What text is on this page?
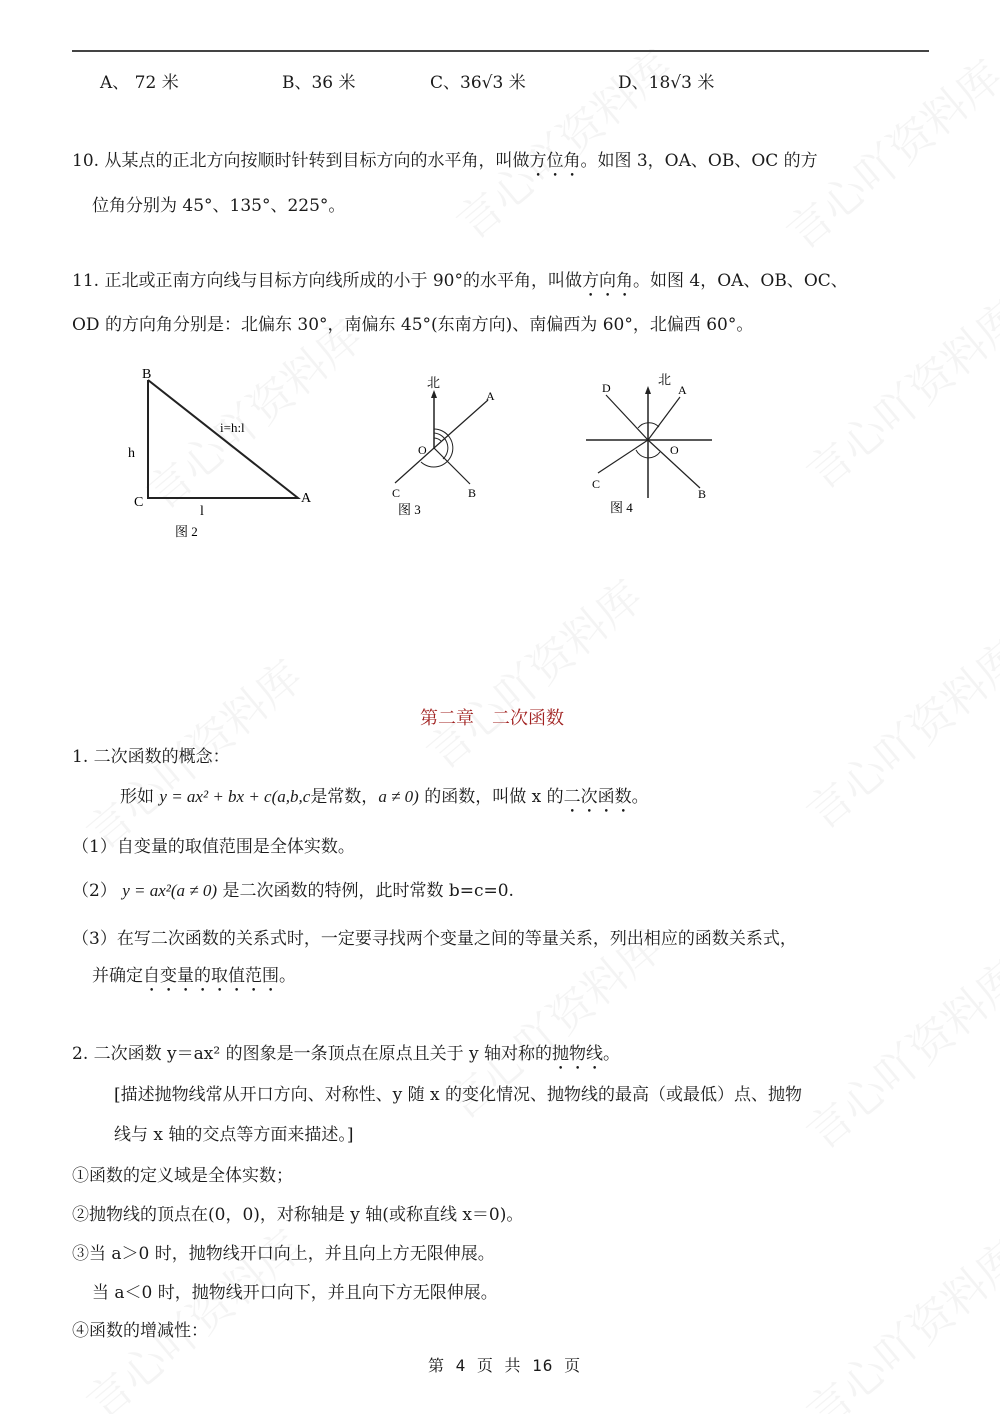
A、 72 米	B、36 米	C、36√3 米	D、18√3 米
10. 从某点的正北方向按顺时针转到目标方向的水平角，叫做方位角。如图 3，OA、OB、OC 的方
位角分别为 45°、135°、225°。
11. 正北或正南方向线与目标方向线所成的小于 90°的水平角，叫做方向角。如图 4，OA、OB、OC、
OD 的方向角分别是：北偏东 30°，南偏东 45°(东南方向)、南偏西为 60°，北偏西 60°。
B
C	A
h
l
i=h:l
图 2
北
A
B
C
O
图 3
北
A
B
C
D
O
图 4
第二章　二次函数
1. 二次函数的概念：
形如 y = ax² + bx + c(a,b,c是常数，a ≠ 0) 的函数，叫做 x 的二次函数。
（1）自变量的取值范围是全体实数。
（2） y = ax²(a ≠ 0) 是二次函数的特例，此时常数 b=c=0.
（3）在写二次函数的关系式时，一定要寻找两个变量之间的等量关系，列出相应的函数关系式，
并确定自变量的取值范围。
2. 二次函数 y＝ax² 的图象是一条顶点在原点且关于 y 轴对称的抛物线。
[描述抛物线常从开口方向、对称性、y 随 x 的变化情况、抛物线的最高（或最低）点、抛物
线与 x 轴的交点等方面来描述。]
①函数的定义域是全体实数；
②抛物线的顶点在(0，0)，对称轴是 y 轴(或称直线 x＝0)。
③当 a＞0 时，抛物线开口向上，并且向上方无限伸展。
当 a＜0 时，抛物线开口向下，并且向下方无限伸展。
④函数的增减性：
第 4 页 共 16 页
